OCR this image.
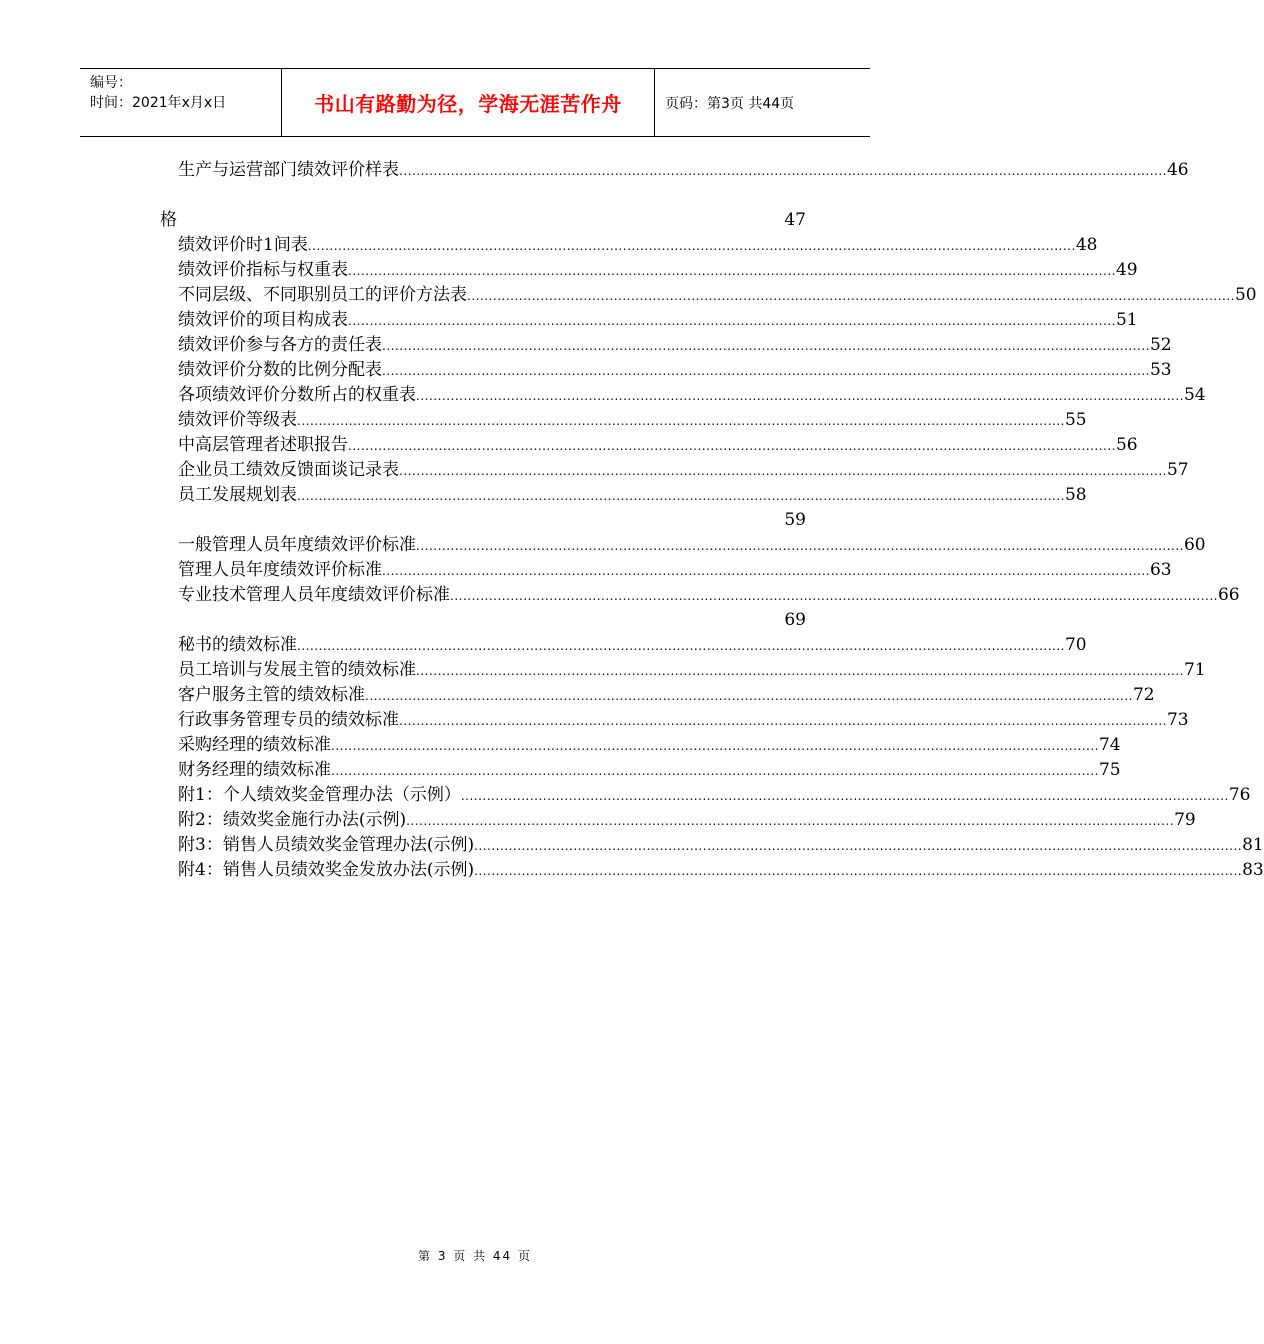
编号：
时间：2021年x月x日	书山有路勤为径，学海无涯苦作舟	页码：第3页 共44页
生产与运营部门绩效评价样表 .................................................................................................................................................................................. 46
格	47
绩效评价时1间表 .................................................................................................................................................................................. 48
绩效评价指标与权重表 .................................................................................................................................................................................. 49
不同层级、不同职别员工的评价方法表 .................................................................................................................................................................................. 50
绩效评价的项目构成表 .................................................................................................................................................................................. 51
绩效评价参与各方的责任表 .................................................................................................................................................................................. 52
绩效评价分数的比例分配表 .................................................................................................................................................................................. 53
各项绩效评价分数所占的权重表 .................................................................................................................................................................................. 54
绩效评价等级表 .................................................................................................................................................................................. 55
中高层管理者述职报告 .................................................................................................................................................................................. 56
企业员工绩效反馈面谈记录表 .................................................................................................................................................................................. 57
员工发展规划表 .................................................................................................................................................................................. 58
59
一般管理人员年度绩效评价标准 .................................................................................................................................................................................. 60
管理人员年度绩效评价标准 .................................................................................................................................................................................. 63
专业技术管理人员年度绩效评价标准 .................................................................................................................................................................................. 66
69
秘书的绩效标准 .................................................................................................................................................................................. 70
员工培训与发展主管的绩效标准 .................................................................................................................................................................................. 71
客户服务主管的绩效标准 .................................................................................................................................................................................. 72
行政事务管理专员的绩效标准 .................................................................................................................................................................................. 73
采购经理的绩效标准 .................................................................................................................................................................................. 74
财务经理的绩效标准 .................................................................................................................................................................................. 75
附1：个人绩效奖金管理办法（示例） .................................................................................................................................................................................. 76
附2：绩效奖金施行办法(示例) .................................................................................................................................................................................. 79
附3：销售人员绩效奖金管理办法(示例) .................................................................................................................................................................................. 81
附4：销售人员绩效奖金发放办法(示例) .................................................................................................................................................................................. 83
第 3 页 共 44 页
